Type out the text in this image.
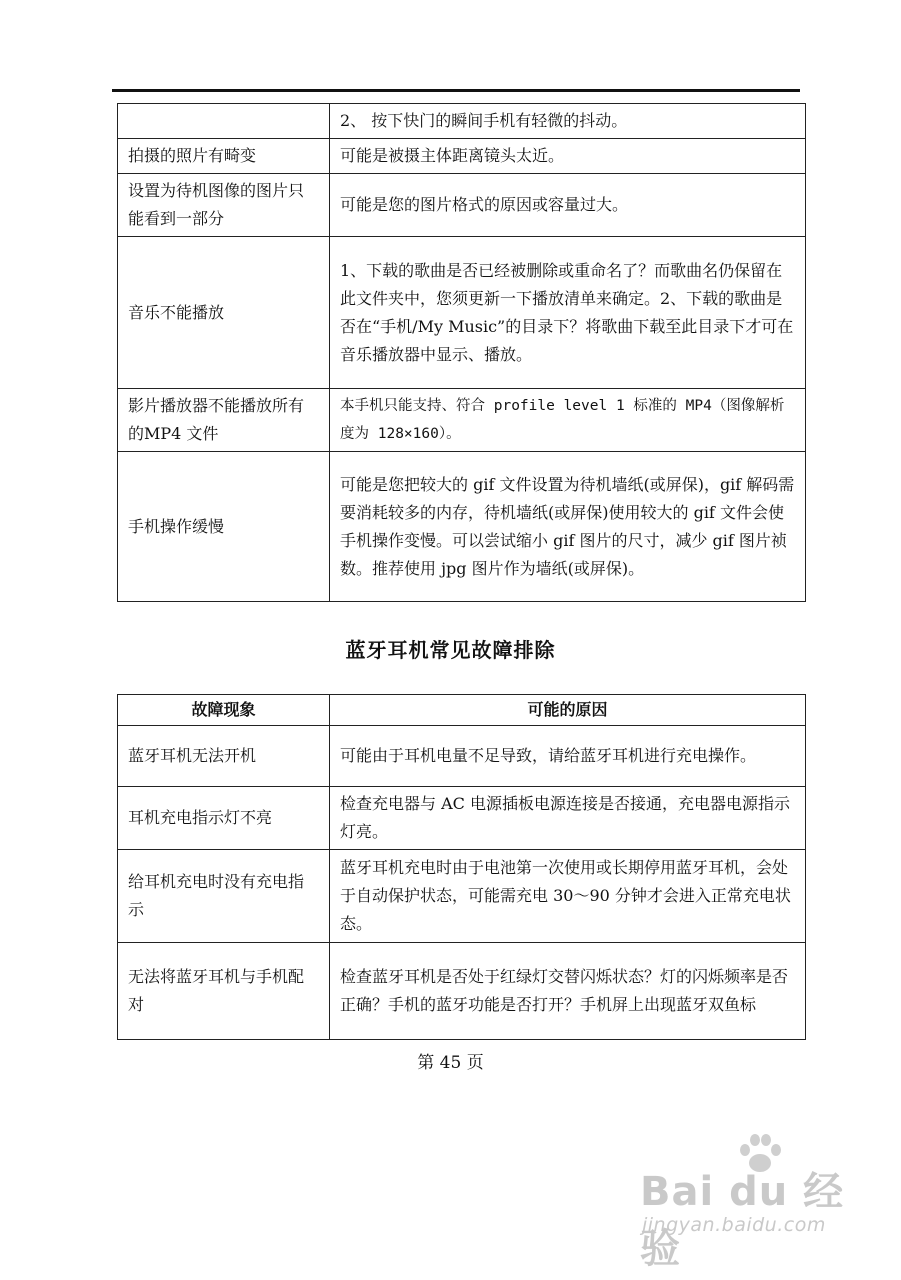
	2、 按下快门的瞬间手机有轻微的抖动。
拍摄的照片有畸变	可能是被摄主体距离镜头太近。
设置为待机图像的图片只能看到一部分	可能是您的图片格式的原因或容量过大。
音乐不能播放	1、下载的歌曲是否已经被删除或重命名了？而歌曲名仍保留在此文件夹中，您须更新一下播放清单来确定。2、下载的歌曲是否在“手机/My Music”的目录下？将歌曲下载至此目录下才可在音乐播放器中显示、播放。
影片播放器不能播放所有的MP4 文件	本手机只能支持、符合 profile level 1 标准的 MP4（图像解析度为 128×160）。
手机操作缓慢	可能是您把较大的 gif 文件设置为待机墙纸(或屏保)，gif 解码需要消耗较多的内存，待机墙纸(或屏保)使用较大的 gif 文件会使手机操作变慢。可以尝试缩小 gif 图片的尺寸，减少 gif 图片祯数。推荐使用 jpg 图片作为墙纸(或屏保)。
蓝牙耳机常见故障排除
故障现象	可能的原因
蓝牙耳机无法开机	可能由于耳机电量不足导致，请给蓝牙耳机进行充电操作。
耳机充电指示灯不亮	检查充电器与 AC 电源插板电源连接是否接通，充电器电源指示灯亮。
给耳机充电时没有充电指示	蓝牙耳机充电时由于电池第一次使用或长期停用蓝牙耳机，会处于自动保护状态，可能需充电 30～90 分钟才会进入正常充电状态。
无法将蓝牙耳机与手机配对	检查蓝牙耳机是否处于红绿灯交替闪烁状态？灯的闪烁频率是否正确？手机的蓝牙功能是否打开？手机屏上出现蓝牙双鱼标
第 45 页
Bai du 经验
jingyan.baidu.com
